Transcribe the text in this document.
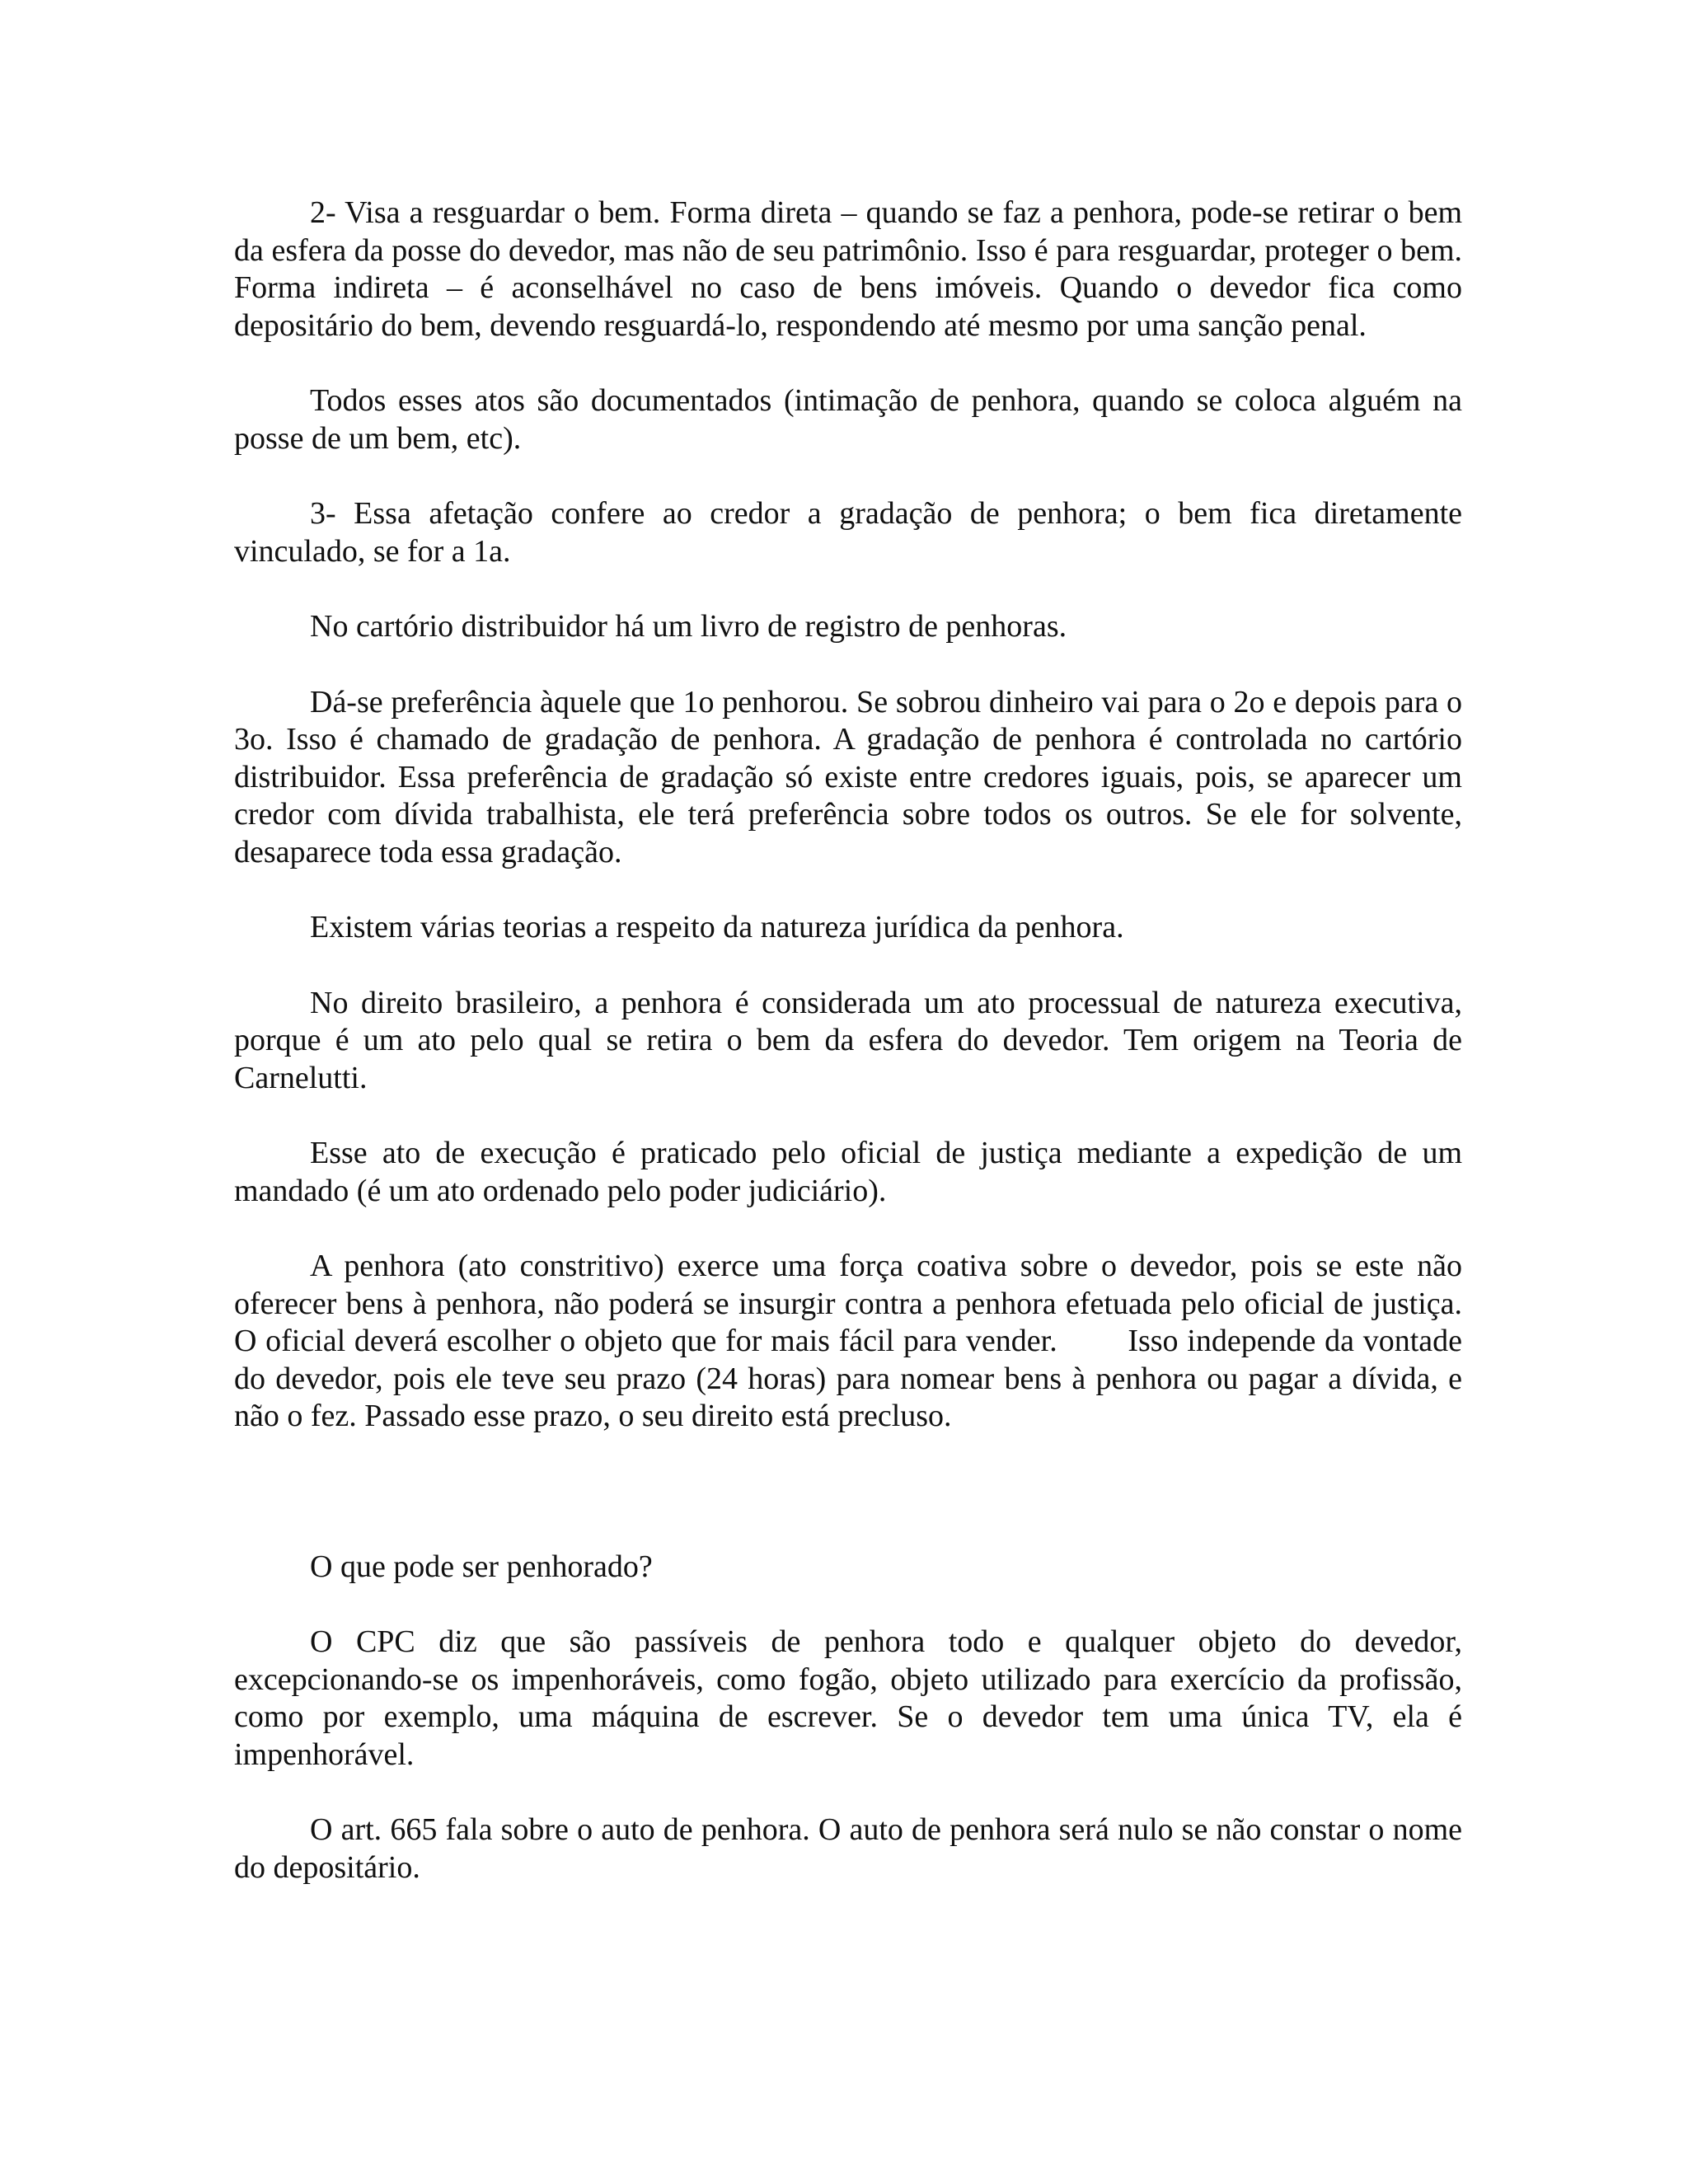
2- Visa a resguardar o bem. Forma direta – quando se faz a penhora, pode-se retirar o bem da esfera da posse do devedor, mas não de seu patrimônio. Isso é para resguardar, proteger o bem. Forma indireta – é aconselhável no caso de bens imóveis. Quando o devedor fica como depositário do bem, devendo resguardá-lo, respondendo até mesmo por uma sanção penal.

Todos esses atos são documentados (intimação de penhora, quando se coloca alguém na posse de um bem, etc).

3- Essa afetação confere ao credor a gradação de penhora; o bem fica diretamente vinculado, se for a 1a.

No cartório distribuidor há um livro de registro de penhoras.

Dá-se preferência àquele que 1o penhorou. Se sobrou dinheiro vai para o 2o e depois para o 3o. Isso é chamado de gradação de penhora. A gradação de penhora é controlada no cartório distribuidor. Essa preferência de gradação só existe entre credores iguais, pois, se aparecer um credor com dívida trabalhista, ele terá preferência sobre todos os outros. Se ele for solvente, desaparece toda essa gradação.

Existem várias teorias a respeito da natureza jurídica da penhora.

No direito brasileiro, a penhora é considerada um ato processual de natureza executiva, porque é um ato pelo qual se retira o bem da esfera do devedor. Tem origem na Teoria de Carnelutti.

Esse ato de execução é praticado pelo oficial de justiça mediante a expedição de um mandado (é um ato ordenado pelo poder judiciário).

A penhora (ato constritivo) exerce uma força coativa sobre o devedor, pois se este não oferecer bens à penhora, não poderá se insurgir contra a penhora efetuada pelo oficial de justiça. O oficial deverá escolher o objeto que for mais fácil para vender.        Isso independe da vontade do devedor, pois ele teve seu prazo (24 horas) para nomear bens à penhora ou pagar a dívida, e não o fez. Passado esse prazo, o seu direito está precluso.

O que pode ser penhorado?

O CPC diz que são passíveis de penhora todo e qualquer objeto do devedor, excepcionando-se os impenhoráveis, como fogão, objeto utilizado para exercício da profissão, como por exemplo, uma máquina de escrever. Se o devedor tem uma única TV, ela é impenhorável.

O art. 665 fala sobre o auto de penhora. O auto de penhora será nulo se não constar o nome do depositário.
